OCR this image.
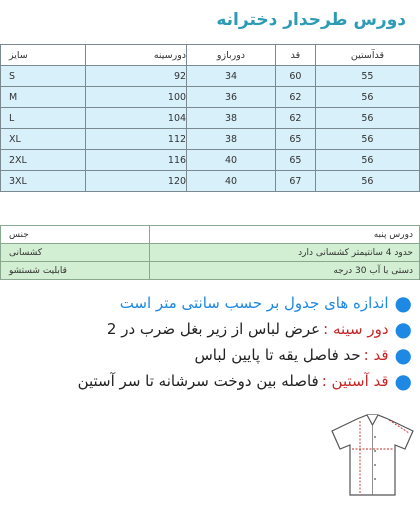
دورس طرحدار دخترانه
سایز	دورسینه	دوربازو	قد	قدآستین
S	92	34	60	55
M	100	36	62	56
L	104	38	62	56
XL	112	38	65	56
2XL	116	40	65	56
3XL	120	40	67	56
جنس	دورس پنبه
کشسانی	حدود 4 سانتیمتر کشسانی دارد
قابلیت شستشو	دستی با آب 30 درجه
●
اندازه های جدول بر حسب سانتی متر است
●
دور سینه :
عرض لباس از زیر بغل ضرب در 2
●
قد :
حد فاصل یقه تا پایین لباس
●
قد آستین :
فاصله بین دوخت سرشانه تا سر آستین
